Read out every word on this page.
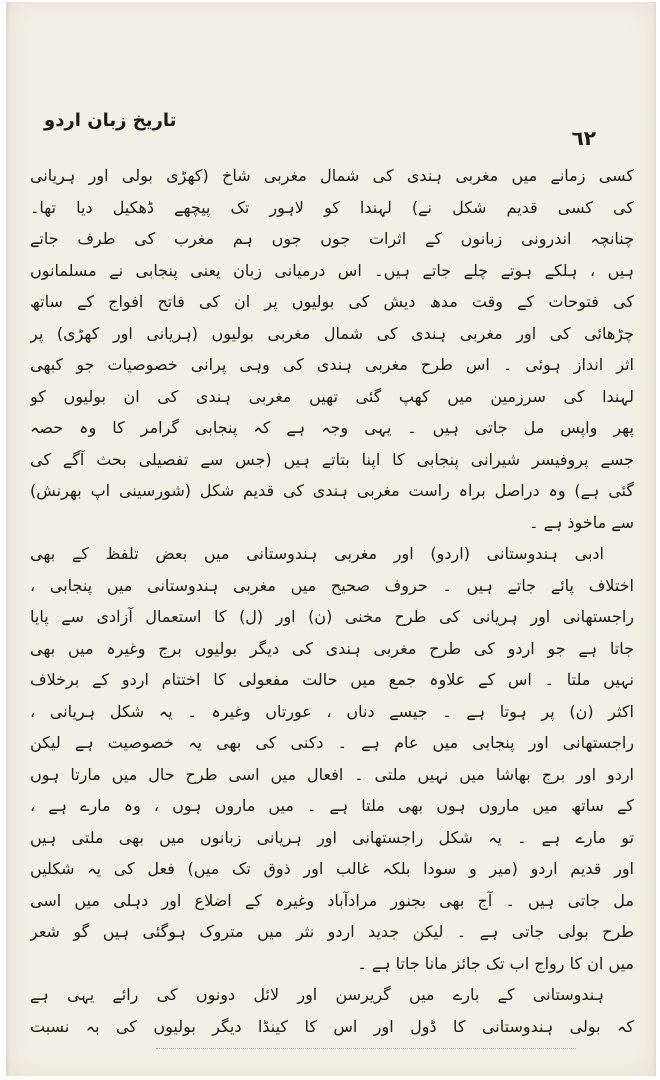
تاریخ زبان اردو
٦٢
کسی زمانے میں مغربی ہندی کی شمال مغربی شاخ (کھڑی بولی اور ہریانی
کی کسی قدیم شکل نے) لہندا کو لاہور تک پیچھے ڈھکیل دیا تھا۔
چنانچہ اندرونی زبانوں کے اثرات جوں جوں ہم مغرب کی طرف جاتے
ہیں ، ہلکے ہوتے چلے جاتے ہیں۔ اس درمیانی زبان یعنی پنجابی نے مسلمانوں
کی فتوحات کے وقت مدھ دیش کی بولیوں پر ان کی فاتح افواج کے ساتھ
چڑھائی کی اور مغربی ہندی کی شمال مغربی بولیوں (ہریانی اور کھڑی) پر
اثر انداز ہوئی ۔ اس طرح مغربی ہندی کی وہی پرانی خصوصیات جو کبھی
لہندا کی سرزمین میں کھپ گئی تھیں مغربی ہندی کی ان بولیوں کو
پھر واپس مل جاتی ہیں ۔ یہی وجہ ہے کہ پنجابی گرامر کا وہ حصہ
جسے پروفیسر شیرانی پنجابی کا اپنا بتاتے ہیں (جس سے تفصیلی بحث آگے کی
گئی ہے) وہ دراصل براہ راست مغربی ہندی کی قدیم شکل (شورسینی اپ بھرنش)
سے ماخوذ ہے ۔
ادبی ہندوستانی (اردو) اور مغربی ہندوستانی میں بعض تلفظ کے بھی
اختلاف پائے جاتے ہیں ۔ حروف صحیح میں مغربی ہندوستانی میں پنجابی ،
راجستھانی اور ہریانی کی طرح مخنی (ن) اور (ل) کا استعمال آزادی سے پایا
جاتا ہے جو اردو کی طرح مغربی ہندی کی دیگر بولیوں برج وغیرہ میں بھی
نہیں ملتا ۔ اس کے علاوہ جمع میں حالت مفعولی کا اختتام اردو کے برخلاف
اکثر (ن) پر ہوتا ہے ۔ جیسے دناں ، عورتاں وغیرہ ۔ یہ شکل ہریانی ،
راجستھانی اور پنجابی میں عام ہے ۔ دکنی کی بھی یہ خصوصیت ہے لیکن
اردو اور برج بھاشا میں نہیں ملتی ۔ افعال میں اسی طرح حال میں مارتا ہوں
کے ساتھ میں ماروں ہوں بھی ملتا ہے ۔ میں ماروں ہوں ، وہ مارے ہے ،
تو مارے ہے ۔ یہ شکل راجستھانی اور ہریانی زبانوں میں بھی ملتی ہیں
اور قدیم اردو (میر و سودا بلکہ غالب اور ذوق تک میں) فعل کی یہ شکلیں
مل جاتی ہیں ۔ آج بھی بجنور مرادآباد وغیرہ کے اضلاع اور دہلی میں اسی
طرح بولی جاتی ہے ۔ لیکن جدید اردو نثر میں متروک ہوگئی ہیں گو شعر
میں ان کا رواج اب تک جائز مانا جاتا ہے ۔
ہندوستانی کے بارے میں گریرسن اور لائل دونوں کی رائے یہی ہے
کہ بولی ہندوستانی کا ڈول اور اس کا کینڈا دیگر بولیوں کی بہ نسبت
